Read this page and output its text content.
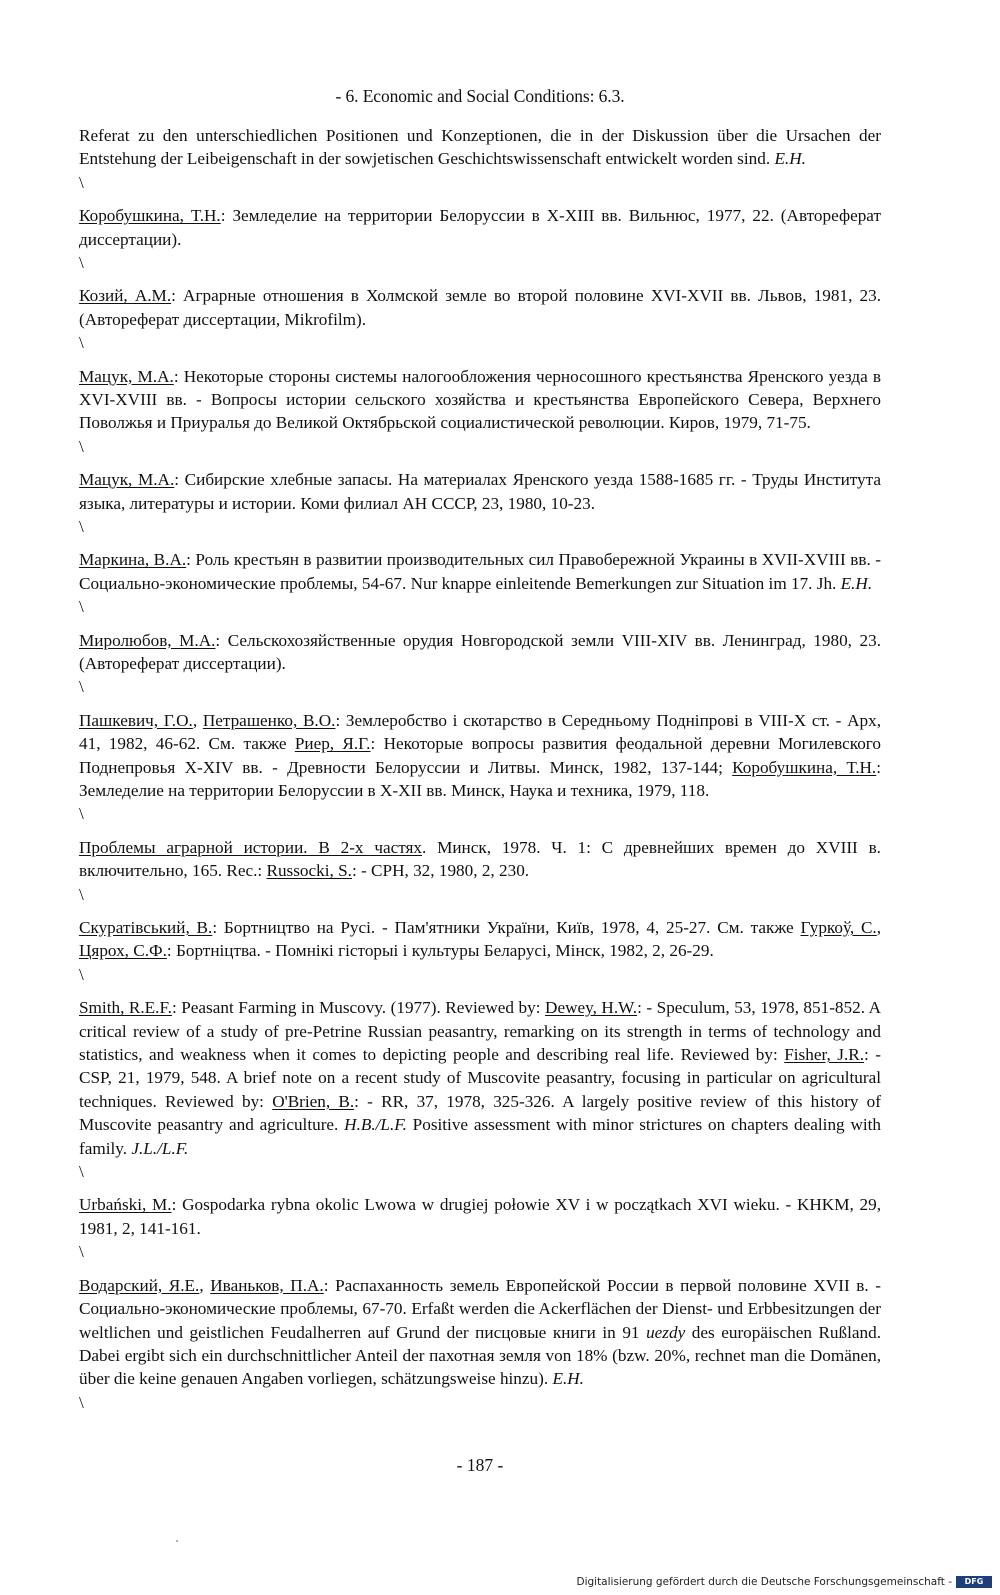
- 6. Economic and Social Conditions: 6.3.

Referat zu den unterschiedlichen Positionen und Konzeptionen, die in der Diskussion über die Ursachen der Entstehung der Leibeigenschaft in der sowjetischen Geschichtswissenschaft entwickelt worden sind. E.H.

\

Коробушкина, Т.Н.: Земледелие на территории Белоруссии в X-XIII вв. Вильнюс, 1977, 22. (Автореферат диссертации).

\

Козий, А.М.: Аграрные отношения в Холмской земле во второй половине XVI-XVII вв. Львов, 1981, 23. (Автореферат диссертации, Mikrofilm).

\

Мацук, М.А.: Некоторые стороны системы налогообложения черносошного крестьянства Яренского уезда в XVI-XVIII вв. - Вопросы истории сельского хозяйства и крестьянства Европейского Севера, Верхнего Поволжья и Приуралья до Великой Октябрьской социалистической революции. Киров, 1979, 71-75.

\

Мацук, М.А.: Сибирские хлебные запасы. На материалах Яренского уезда 1588-1685 гг. - Труды Института языка, литературы и истории. Коми филиал АН СССР, 23, 1980, 10-23.

\

Маркина, В.А.: Роль крестьян в развитии производительных сил Правобережной Украины в XVII-XVIII вв. - Социально-экономические проблемы, 54-67. Nur knappe einleitende Bemerkungen zur Situation im 17. Jh. E.H.

\

Миролюбов, М.А.: Сельскохозяйственные орудия Новгородской земли VIII-XIV вв. Ленинград, 1980, 23. (Автореферат диссертации).

\

Пашкевич, Г.О., Петрашенко, В.О.: Землеробство і скотарство в Середньому Подніпрові в VIII-X ст. - Арх, 41, 1982, 46-62. См. также Риер, Я.Г.: Некоторые вопросы развития феодальной деревни Могилевского Поднепровья X-XIV вв. - Древности Белоруссии и Литвы. Минск, 1982, 137-144; Коробушкина, Т.Н.: Земледелие на территории Белоруссии в X-XII вв. Минск, Наука и техника, 1979, 118.

\

Проблемы аграрной истории. В 2-х частях. Минск, 1978. Ч. 1: С древнейших времен до XVIII в. включительно, 165. Rec.: Russocki, S.: - CPH, 32, 1980, 2, 230.

\

Скуратівський, В.: Бортництво на Русі. - Пам'ятники України, Київ, 1978, 4, 25-27. См. также Гуркоў, С., Цярох, С.Ф.: Бортніцтва. - Помнікі гісторыі і культуры Беларусі, Мінск, 1982, 2, 26-29.

\

Smith, R.E.F.: Peasant Farming in Muscovy. (1977). Reviewed by: Dewey, H.W.: - Speculum, 53, 1978, 851-852. A critical review of a study of pre-Petrine Russian peasantry, remarking on its strength in terms of technology and statistics, and weakness when it comes to depicting people and describing real life. Reviewed by: Fisher, J.R.: - CSP, 21, 1979, 548. A brief note on a recent study of Muscovite peasantry, focusing in particular on agricultural techniques. Reviewed by: O'Brien, B.: - RR, 37, 1978, 325-326. A largely positive review of this history of Muscovite peasantry and agriculture. H.B./L.F. Positive assessment with minor strictures on chapters dealing with family. J.L./L.F.

\

Urbański, M.: Gospodarka rybna okolic Lwowa w drugiej połowie XV i w początkach XVI wieku. - KHKM, 29, 1981, 2, 141-161.

\

Водарский, Я.Е., Иваньков, П.А.: Распаханность земель Европейской России в первой половине XVII в. - Социально-экономические проблемы, 67-70. Erfaßt werden die Ackerflächen der Dienst- und Erbbesitzungen der weltlichen und geistlichen Feudalherren auf Grund der писцовые книги in 91 uezdy des europäischen Rußland. Dabei ergibt sich ein durchschnittlicher Anteil der пахотная земля von 18% (bzw. 20%, rechnet man die Domänen, über die keine genauen Angaben vorliegen, schätzungsweise hinzu). E.H.

\
- 187 -
Digitalisierung gefördert durch die Deutsche Forschungsgemeinschaft -	DFG
